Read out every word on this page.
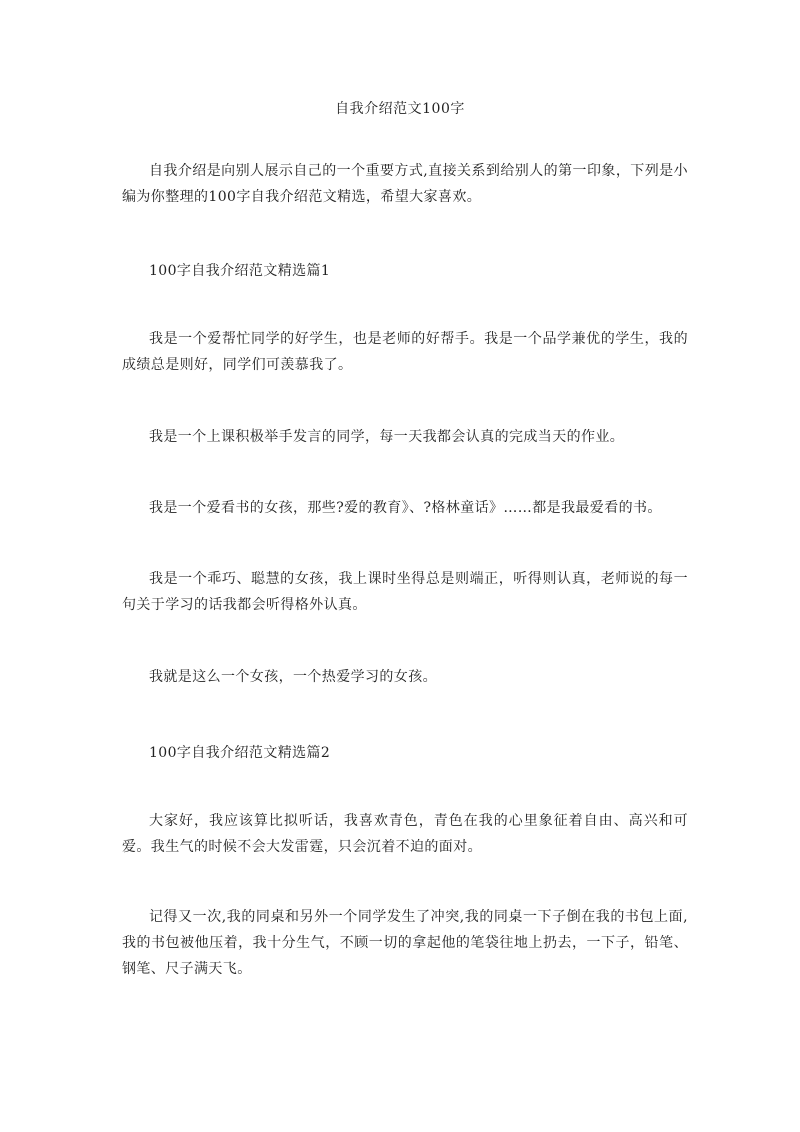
自我介绍范文100字

自我介绍是向别人展示自己的一个重要方式,直接关系到给别人的第一印象，下列是小编为你整理的100字自我介绍范文精选，希望大家喜欢。

100字自我介绍范文精选篇1

我是一个爱帮忙同学的好学生，也是老师的好帮手。我是一个品学兼优的学生，我的成绩总是则好，同学们可羡慕我了。

我是一个上课积极举手发言的同学，每一天我都会认真的完成当天的作业。

我是一个爱看书的女孩，那些?爱的教育》、?格林童话》……都是我最爱看的书。

我是一个乖巧、聪慧的女孩，我上课时坐得总是则端正，听得则认真，老师说的每一句关于学习的话我都会听得格外认真。

我就是这么一个女孩，一个热爱学习的女孩。

100字自我介绍范文精选篇2

大家好，我应该算比拟听话，我喜欢青色，青色在我的心里象征着自由、高兴和可爱。我生气的时候不会大发雷霆，只会沉着不迫的面对。

记得又一次,我的同桌和另外一个同学发生了冲突,我的同桌一下子倒在我的书包上面,我的书包被他压着，我十分生气，不顾一切的拿起他的笔袋往地上扔去，一下子，铅笔、钢笔、尺子满天飞。
